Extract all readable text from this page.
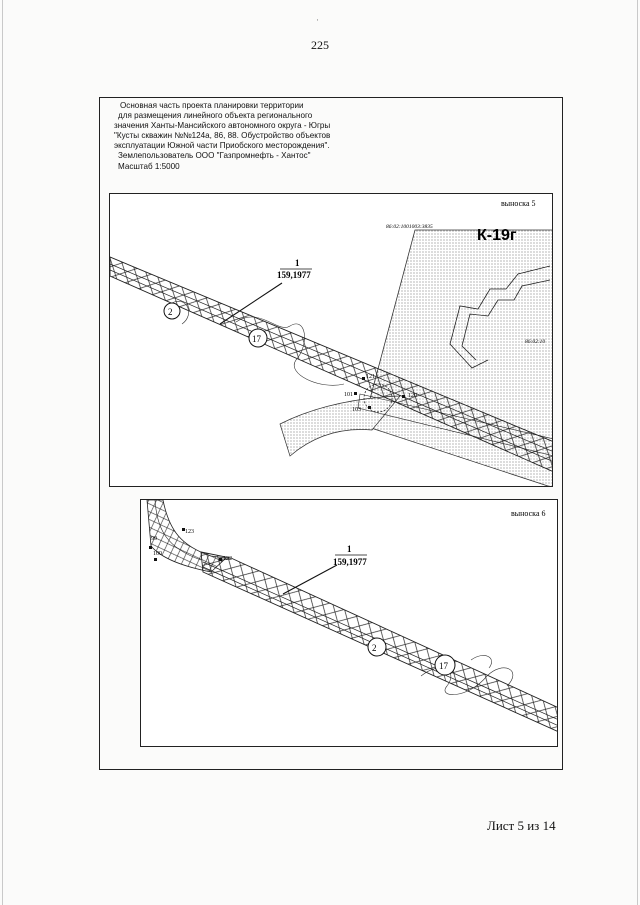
·
225
Основная часть проекта планировки территории
для размещения линейного объекта регионального
значения Ханты-Мансийского автономного округа - Югры
"Кусты скважин №№124а, 86, 88. Обустройство объектов
эксплуатации Южной части Приобского месторождения".
Землепользователь ООО "Газпромнефть - Хантос"
Масштаб 1:5000
выноска 5
86:02:1001003:3835
86:02:10
К-19г
1
159,1977
2
17
121
101
103
120
выноска 6
1
159,1977
2
17
99
100
123
122
Лист 5 из 14
